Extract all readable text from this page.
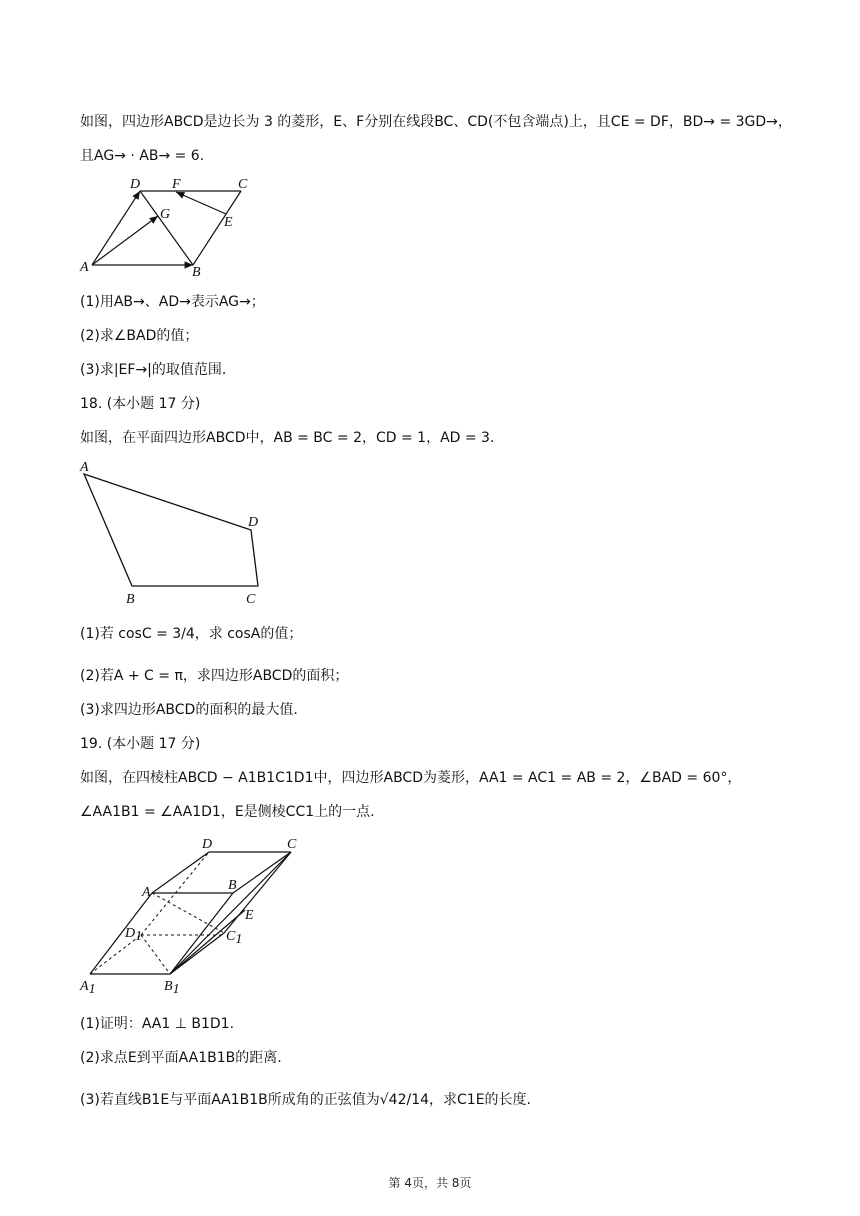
如图，四边形ABCD是边长为 3 的菱形，E、F分别在线段BC、CD(不包含端点)上，且CE = DF，BD→ = 3GD→，
且AG→ · AB→ = 6.
D F	C
G
E
A	B
(1)用AB→、AD→表示AG→；
(2)求∠BAD的值；
(3)求|EF→|的取值范围.
18. (本小题 17 分)
如图，在平面四边形ABCD中，AB = BC = 2，CD = 1，AD = 3.
A
D
B	C
(1)若 cosC = 3/4，求 cosA的值；
(2)若A + C = π，求四边形ABCD的面积；
(3)求四边形ABCD的面积的最大值.
19. (本小题 17 分)
如图，在四棱柱ABCD − A1B1C1D1中，四边形ABCD为菱形，AA1 = AC1 = AB = 2，∠BAD = 60°，
∠AA1B1 = ∠AA1D1，E是侧棱CC1上的一点.
D	C
A	B
E
D1	C1
A1	B1
(1)证明：AA1 ⊥ B1D1.
(2)求点E到平面AA1B1B的距离.
(3)若直线B1E与平面AA1B1B所成角的正弦值为√42/14，求C1E的长度.
第 4页，共 8页
